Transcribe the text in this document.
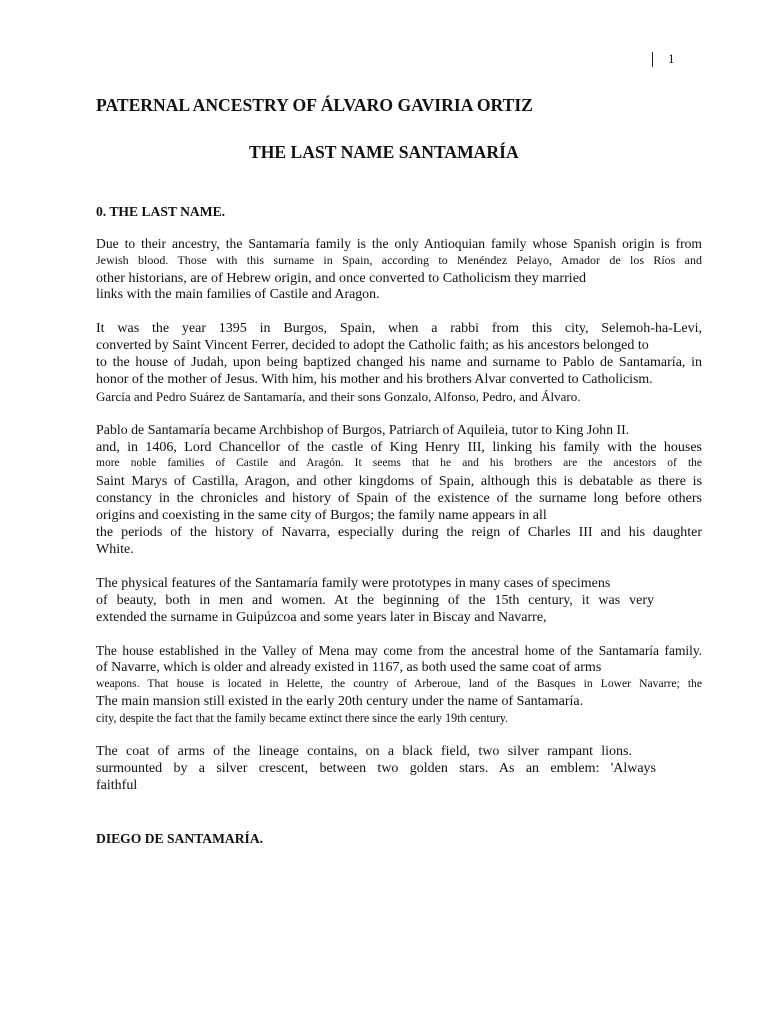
1
PATERNAL ANCESTRY OF ÁLVARO GAVIRIA ORTIZ
THE LAST NAME SANTAMARÍA
0. THE LAST NAME.
Due to their ancestry, the Santamaría family is the only Antioquian family whose Spanish origin is from
Jewish blood. Those with this surname in Spain, according to Menéndez Pelayo, Amador de los Ríos and
other historians, are of Hebrew origin, and once converted to Catholicism they married
links with the main families of Castile and Aragon.
It was the year 1395 in Burgos, Spain, when a rabbi from this city, Selemoh-ha-Levi,
converted by Saint Vincent Ferrer, decided to adopt the Catholic faith; as his ancestors belonged to
to the house of Judah, upon being baptized changed his name and surname to Pablo de Santamaría, in
honor of the mother of Jesus. With him, his mother and his brothers Alvar converted to Catholicism.
García and Pedro Suárez de Santamaría, and their sons Gonzalo, Alfonso, Pedro, and Álvaro.
Pablo de Santamaría became Archbishop of Burgos, Patriarch of Aquileia, tutor to King John II.
and, in 1406, Lord Chancellor of the castle of King Henry III, linking his family with the houses
more noble families of Castile and Aragón. It seems that he and his brothers are the ancestors of the
Saint Marys of Castilla, Aragon, and other kingdoms of Spain, although this is debatable as there is
constancy in the chronicles and history of Spain of the existence of the surname long before others
origins and coexisting in the same city of Burgos; the family name appears in all
the periods of the history of Navarra, especially during the reign of Charles III and his daughter
White.
The physical features of the Santamaría family were prototypes in many cases of specimens
of beauty, both in men and women. At the beginning of the 15th century, it was very
extended the surname in Guipúzcoa and some years later in Biscay and Navarre,
The house established in the Valley of Mena may come from the ancestral home of the Santamaría family.
of Navarre, which is older and already existed in 1167, as both used the same coat of arms
weapons. That house is located in Helette, the country of Arberoue, land of the Basques in Lower Navarre; the
The main mansion still existed in the early 20th century under the name of Santamaría.
city, despite the fact that the family became extinct there since the early 19th century.
The coat of arms of the lineage contains, on a black field, two silver rampant lions.
surmounted by a silver crescent, between two golden stars. As an emblem: 'Always
faithful
DIEGO DE SANTAMARÍA.
